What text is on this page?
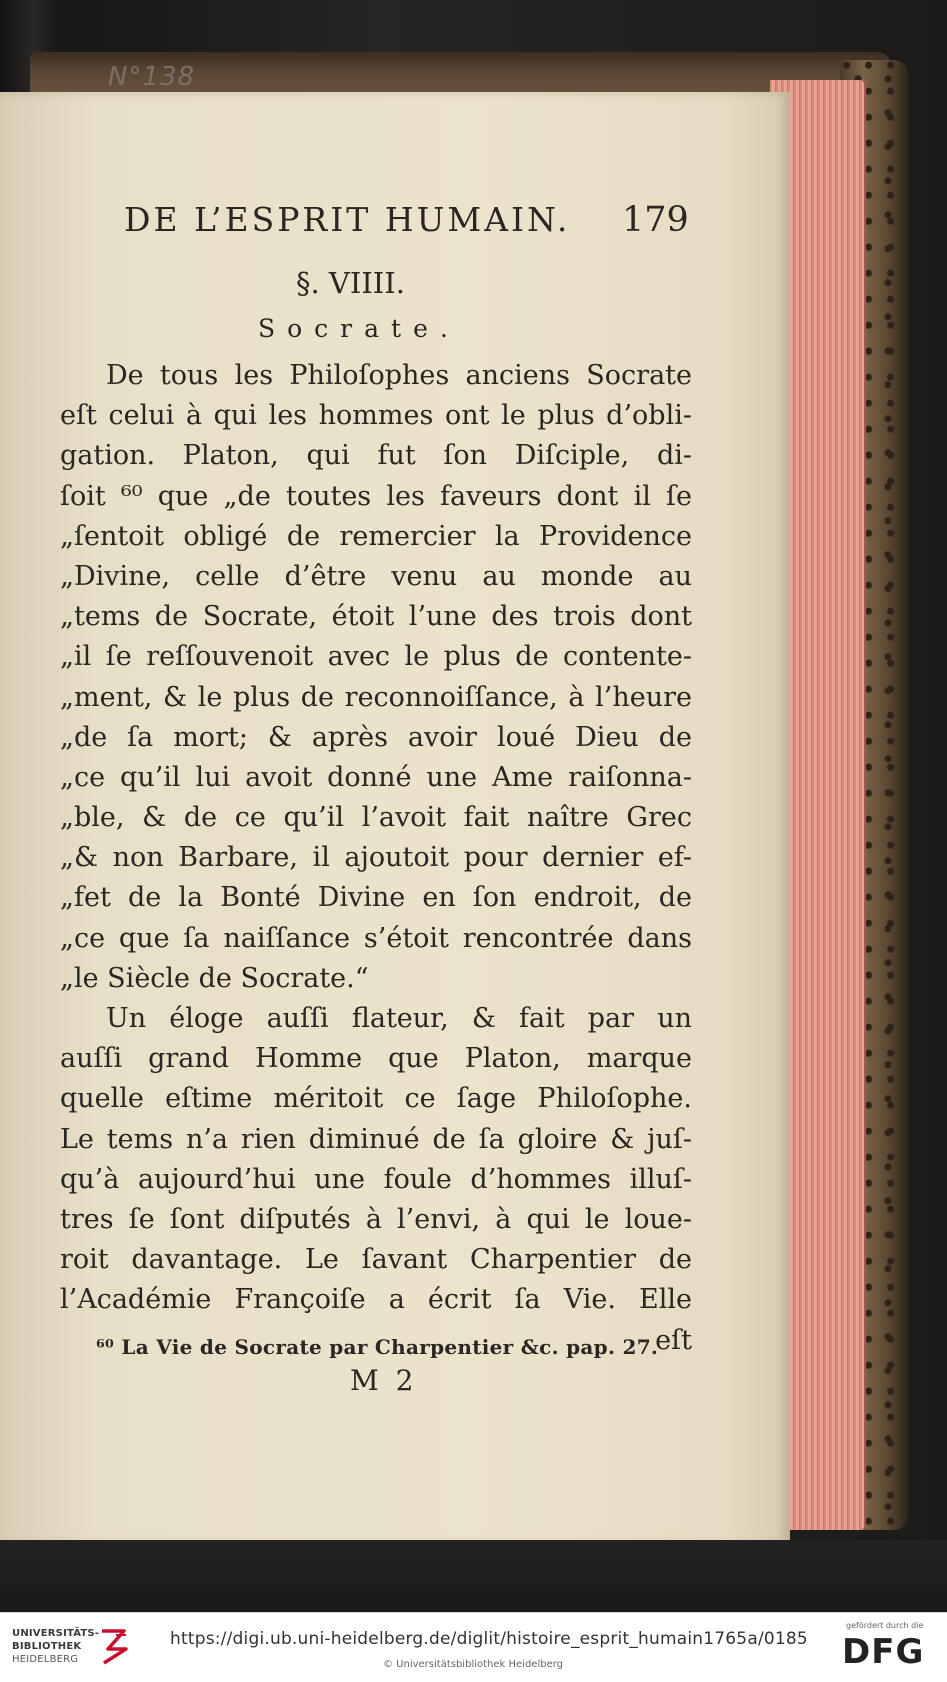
N°138
DE L’ESPRIT HUMAIN. 179
§. VIIII.
Socrate.
De tous les Philoſophes anciens Socrate
eſt celui à qui les hommes ont le plus d’obli-
gation. Platon, qui fut ſon Diſciple, di-
ſoit ⁶⁰ que „de toutes les faveurs dont il ſe
„ſentoit obligé de remercier la Providence
„Divine, celle d’être venu au monde au
„tems de Socrate, étoit l’une des trois dont
„il ſe reſſouvenoit avec le plus de contente-
„ment, & le plus de reconnoiſſance, à l’heure
„de ſa mort; & après avoir loué Dieu de
„ce qu’il lui avoit donné une Ame raiſonna-
„ble, & de ce qu’il l’avoit fait naître Grec
„& non Barbare, il ajoutoit pour dernier ef-
„fet de la Bonté Divine en ſon endroit, de
„ce que ſa naiſſance s’étoit rencontrée dans
„le Siècle de Socrate.“
Un éloge auſſi flateur, & fait par un
auſſi grand Homme que Platon, marque
quelle eſtime méritoit ce ſage Philoſophe.
Le tems n’a rien diminué de ſa gloire & juſ-
qu’à aujourd’hui une foule d’hommes illuſ-
tres ſe ſont diſputés à l’envi, à qui le loue-
roit davantage. Le ſavant Charpentier de
l’Académie Françoiſe a écrit ſa Vie. Elle
eſt
⁶⁰ La Vie de Socrate par Charpentier &c. pap. 27.
M 2
UNIVERSITÄTS-
BIBLIOTHEK
HEIDELBERG
https://digi.ub.uni-heidelberg.de/diglit/histoire_esprit_humain1765a/0185
© Universitätsbibliothek Heidelberg
gefördert durch die
DFG
